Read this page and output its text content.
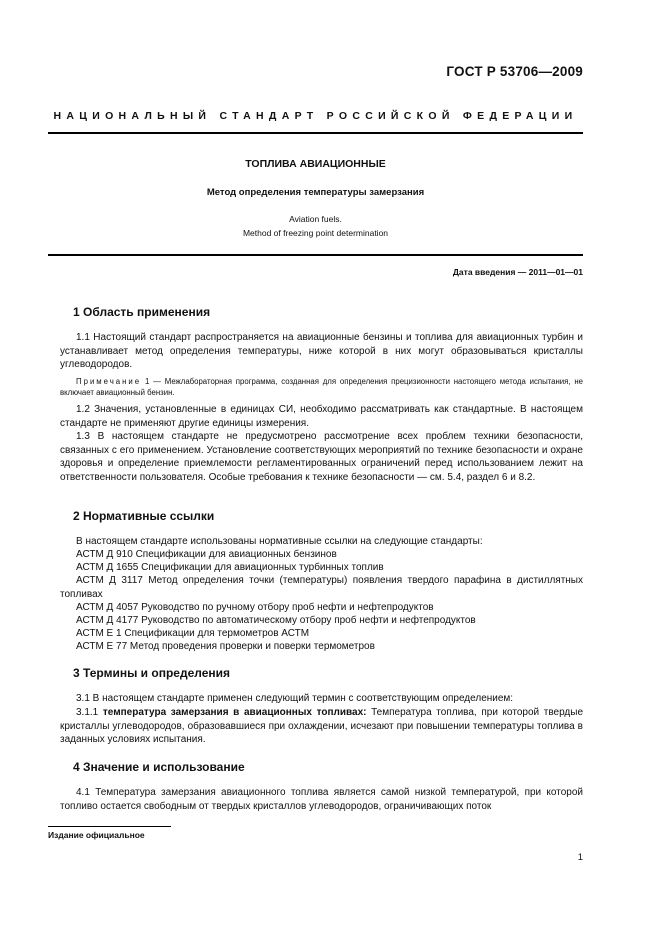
ГОСТ Р 53706—2009
НАЦИОНАЛЬНЫЙ СТАНДАРТ РОССИЙСКОЙ ФЕДЕРАЦИИ
ТОПЛИВА АВИАЦИОННЫЕ
Метод определения температуры замерзания
Aviation fuels.
Method of freezing point determination
Дата введения — 2011—01—01
1 Область применения
1.1 Настоящий стандарт распространяется на авиационные бензины и топлива для авиационных турбин и устанавливает метод определения температуры, ниже которой в них могут образовываться кристаллы углеводородов.
Примечание 1 — Межлабораторная программа, созданная для определения прецизионности настоящего метода испытания, не включает авиационный бензин.
1.2 Значения, установленные в единицах СИ, необходимо рассматривать как стандартные. В настоящем стандарте не применяют другие единицы измерения.
1.3 В настоящем стандарте не предусмотрено рассмотрение всех проблем техники безопасности, связанных с его применением. Установление соответствующих мероприятий по технике безопасности и охране здоровья и определение приемлемости регламентированных ограничений перед использованием лежит на ответственности пользователя. Особые требования к технике безопасности — см. 5.4, раздел 6 и 8.2.
2 Нормативные ссылки
В настоящем стандарте использованы нормативные ссылки на следующие стандарты:
АСТМ Д 910 Спецификации для авиационных бензинов
АСТМ Д 1655 Спецификации для авиационных турбинных топлив
АСТМ Д 3117 Метод определения точки (температуры) появления твердого парафина в дистиллятных топливах
АСТМ Д 4057 Руководство по ручному отбору проб нефти и нефтепродуктов
АСТМ Д 4177 Руководство по автоматическому отбору проб нефти и нефтепродуктов
АСТМ Е 1 Спецификации для термометров АСТМ
АСТМ Е 77 Метод проведения проверки и поверки термометров
3 Термины и определения
3.1 В настоящем стандарте применен следующий термин с соответствующим определением:
3.1.1 температура замерзания в авиационных топливах: Температура топлива, при которой твердые кристаллы углеводородов, образовавшиеся при охлаждении, исчезают при повышении температуры топлива в заданных условиях испытания.
4 Значение и использование
4.1 Температура замерзания авиационного топлива является самой низкой температурой, при которой топливо остается свободным от твердых кристаллов углеводородов, ограничивающих поток
Издание официальное
1
